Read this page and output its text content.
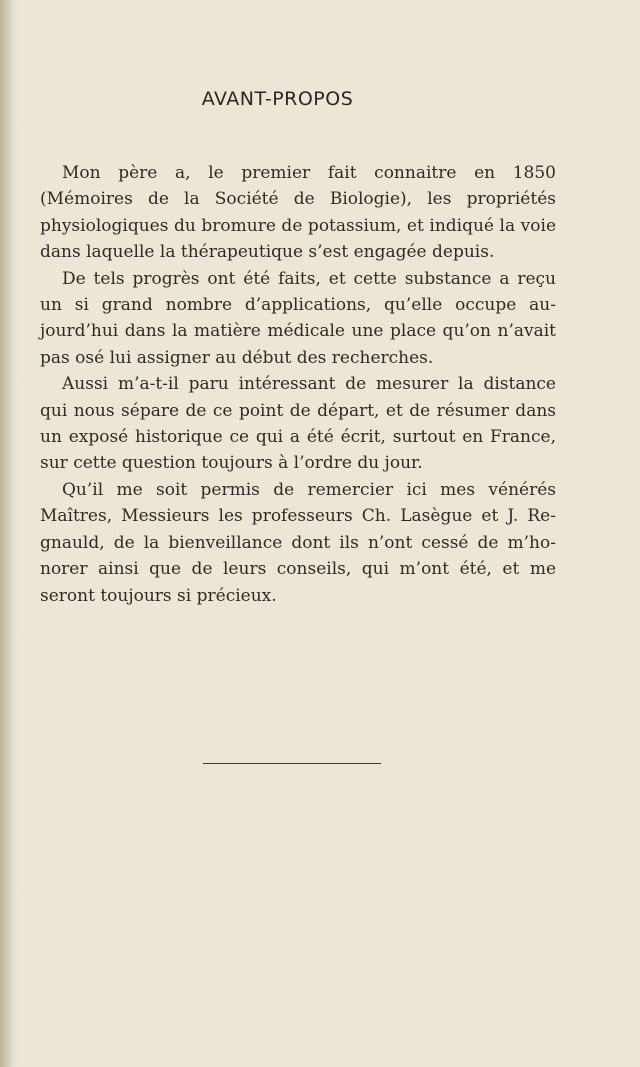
AVANT-PROPOS

Mon père a, le premier fait connaitre en 1850 (Mémoires de la Société de Biologie), les propriétés physiologiques du bromure de potassium, et indiqué la voie dans laquelle la thérapeutique s’est engagée depuis.

De tels progrès ont été faits, et cette substance a reçu un si grand nombre d’applications, qu’elle occupe aujourd’hui dans la matière médicale une place qu’on n’avait pas osé lui assigner au début des recherches.

Aussi m’a-t-il paru intéressant de mesurer la distance qui nous sépare de ce point de départ, et de résumer dans un exposé historique ce qui a été écrit, surtout en France, sur cette question toujours à l’ordre du jour.

Qu’il me soit permis de remercier ici mes vénérés Maîtres, Messieurs les professeurs Ch. Lasègue et J. Regnauld, de la bienveillance dont ils n’ont cessé de m’honorer ainsi que de leurs conseils, qui m’ont été, et me seront toujours si précieux.
